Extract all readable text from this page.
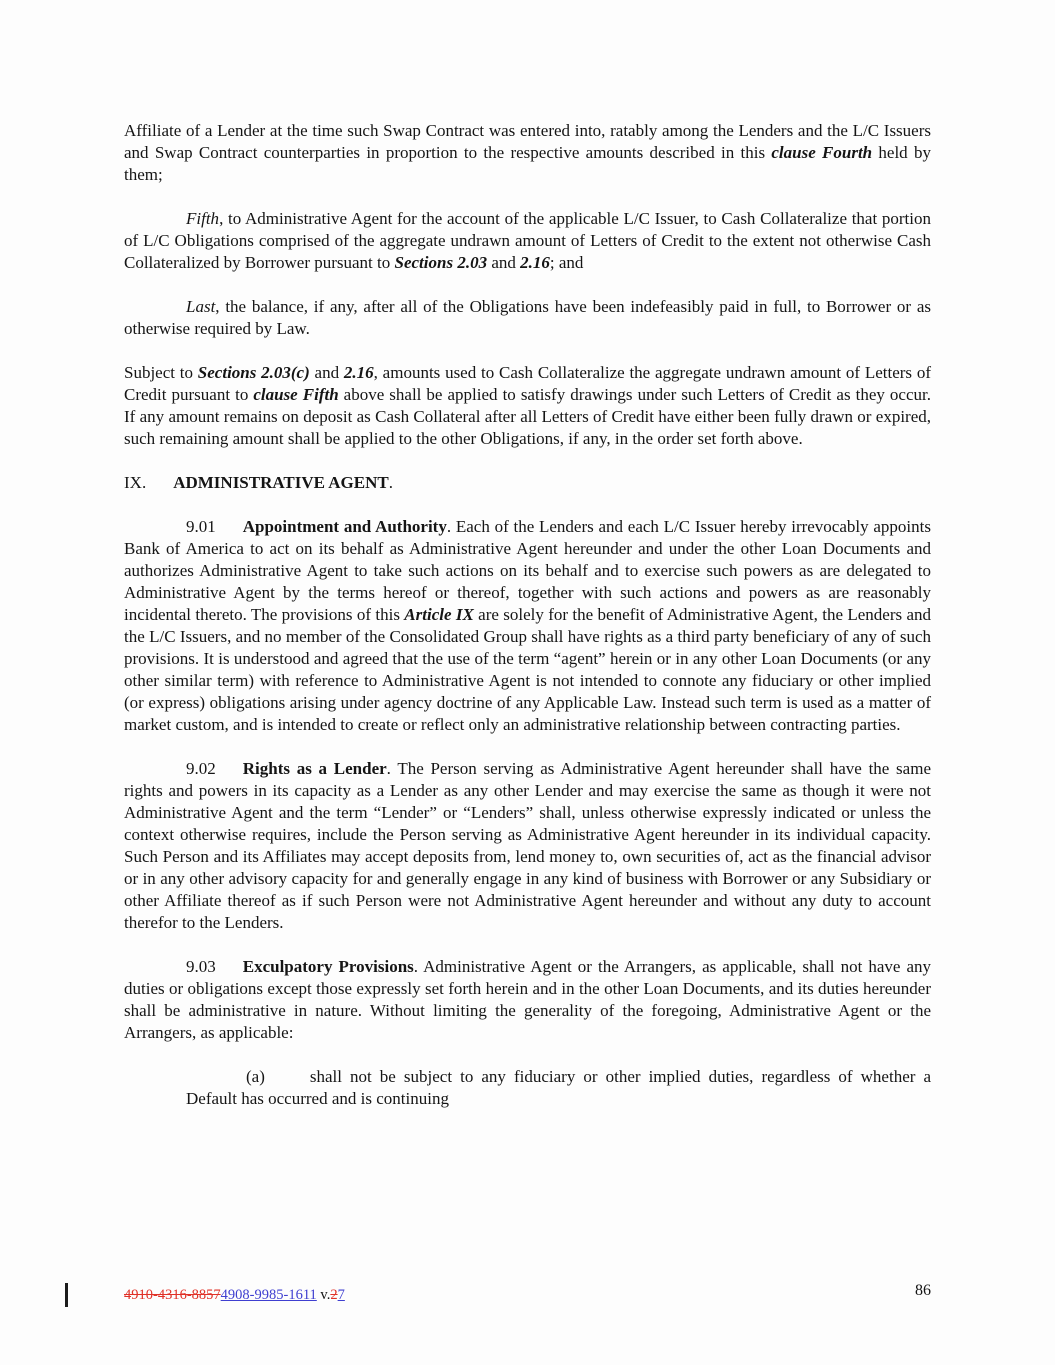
Affiliate of a Lender at the time such Swap Contract was entered into, ratably among the Lenders and the L/C Issuers and Swap Contract counterparties in proportion to the respective amounts described in this clause Fourth held by them;

Fifth, to Administrative Agent for the account of the applicable L/C Issuer, to Cash Collateralize that portion of L/C Obligations comprised of the aggregate undrawn amount of Letters of Credit to the extent not otherwise Cash Collateralized by Borrower pursuant to Sections 2.03 and 2.16; and

Last, the balance, if any, after all of the Obligations have been indefeasibly paid in full, to Borrower or as otherwise required by Law.

Subject to Sections 2.03(c) and 2.16, amounts used to Cash Collateralize the aggregate undrawn amount of Letters of Credit pursuant to clause Fifth above shall be applied to satisfy drawings under such Letters of Credit as they occur. If any amount remains on deposit as Cash Collateral after all Letters of Credit have either been fully drawn or expired, such remaining amount shall be applied to the other Obligations, if any, in the order set forth above.

IX. ADMINISTRATIVE AGENT.

9.01 Appointment and Authority. Each of the Lenders and each L/C Issuer hereby irrevocably appoints Bank of America to act on its behalf as Administrative Agent hereunder and under the other Loan Documents and authorizes Administrative Agent to take such actions on its behalf and to exercise such powers as are delegated to Administrative Agent by the terms hereof or thereof, together with such actions and powers as are reasonably incidental thereto. The provisions of this Article IX are solely for the benefit of Administrative Agent, the Lenders and the L/C Issuers, and no member of the Consolidated Group shall have rights as a third party beneficiary of any of such provisions. It is understood and agreed that the use of the term “agent” herein or in any other Loan Documents (or any other similar term) with reference to Administrative Agent is not intended to connote any fiduciary or other implied (or express) obligations arising under agency doctrine of any Applicable Law. Instead such term is used as a matter of market custom, and is intended to create or reflect only an administrative relationship between contracting parties.

9.02 Rights as a Lender. The Person serving as Administrative Agent hereunder shall have the same rights and powers in its capacity as a Lender as any other Lender and may exercise the same as though it were not Administrative Agent and the term “Lender” or “Lenders” shall, unless otherwise expressly indicated or unless the context otherwise requires, include the Person serving as Administrative Agent hereunder in its individual capacity. Such Person and its Affiliates may accept deposits from, lend money to, own securities of, act as the financial advisor or in any other advisory capacity for and generally engage in any kind of business with Borrower or any Subsidiary or other Affiliate thereof as if such Person were not Administrative Agent hereunder and without any duty to account therefor to the Lenders.

9.03 Exculpatory Provisions. Administrative Agent or the Arrangers, as applicable, shall not have any duties or obligations except those expressly set forth herein and in the other Loan Documents, and its duties hereunder shall be administrative in nature. Without limiting the generality of the foregoing, Administrative Agent or the Arrangers, as applicable:

(a)	shall not be subject to any fiduciary or other implied duties, regardless of whether a Default has occurred and is continuing

4910-4316-88574908-9985-1611 v.27	86
